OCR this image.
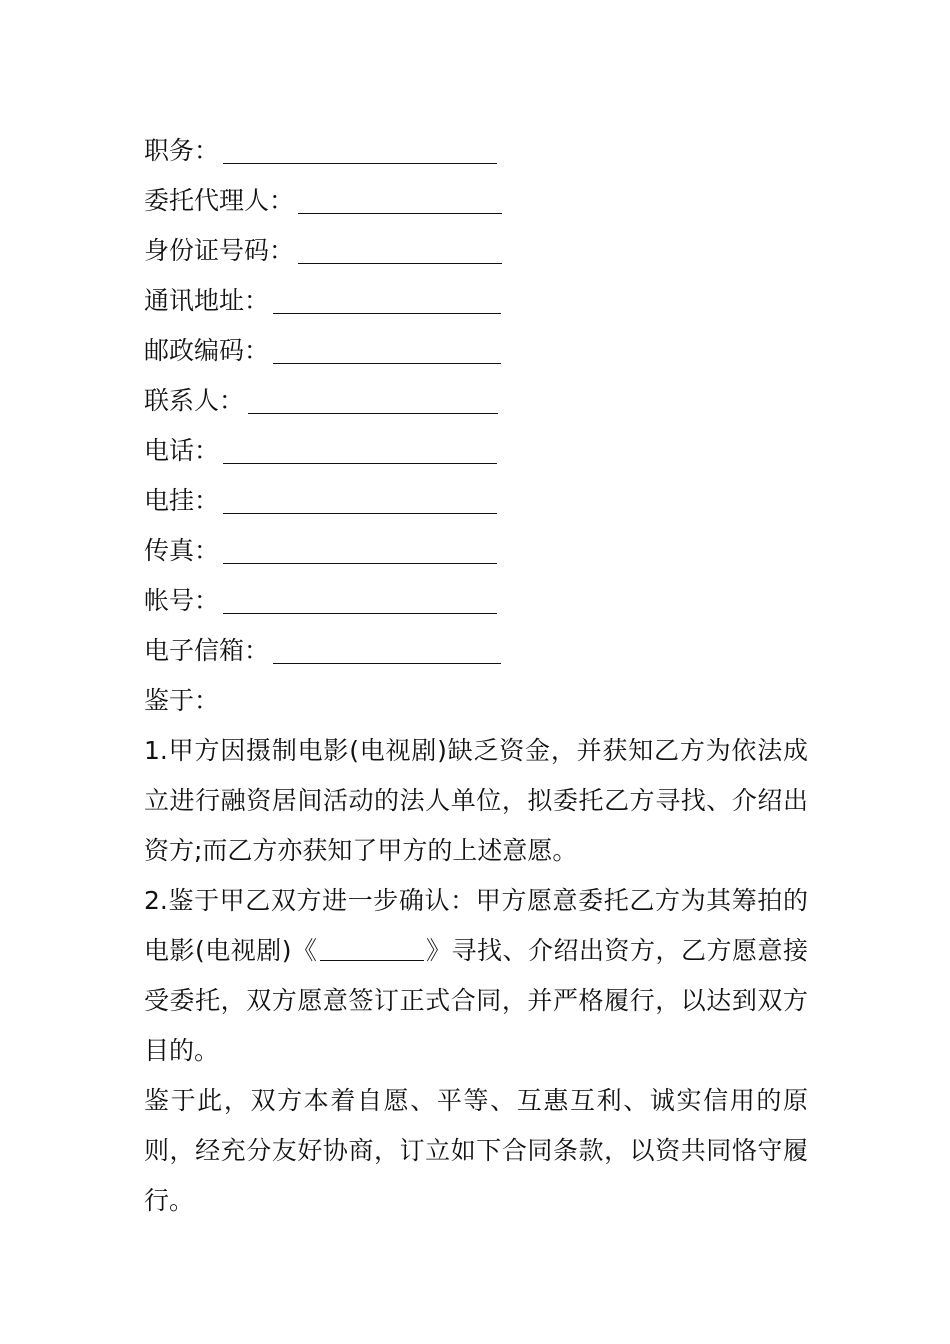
职务：
委托代理人：
身份证号码：
通讯地址：
邮政编码：
联系人：
电话：
电挂：
传真：
帐号：
电子信箱：
鉴于：
1.甲方因摄制电影(电视剧)缺乏资金，并获知乙方为依法成立进行融资居间活动的法人单位，拟委托乙方寻找、介绍出资方;而乙方亦获知了甲方的上述意愿。
2.鉴于甲乙双方进一步确认：甲方愿意委托乙方为其筹拍的电影(电视剧)《	》寻找、介绍出资方，乙方愿意接受委托，双方愿意签订正式合同，并严格履行，以达到双方目的。
鉴于此，双方本着自愿、平等、互惠互利、诚实信用的原则，经充分友好协商，订立如下合同条款，以资共同恪守履行。
